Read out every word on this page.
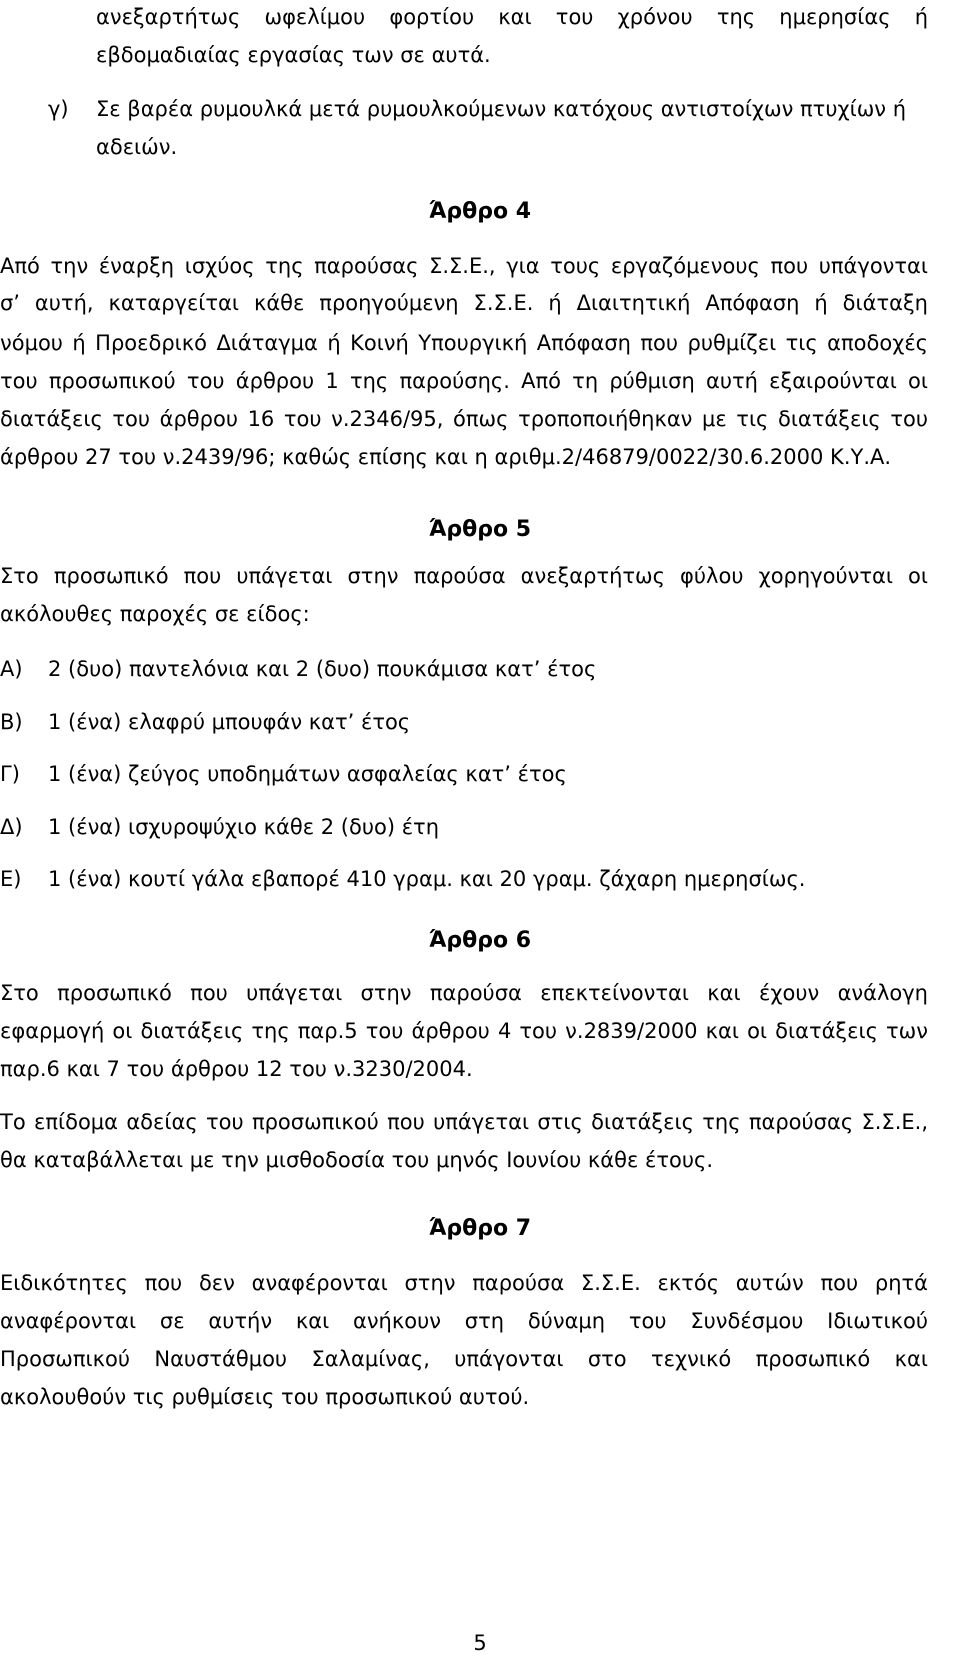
ανεξαρτήτως ωφελίμου φορτίου και του χρόνου της ημερησίας ή
εβδομαδιαίας εργασίας των σε αυτά.
γ) Σε βαρέα ρυμουλκά μετά ρυμουλκούμενων κατόχους αντιστοίχων πτυχίων ή
αδειών.
Άρθρο 4
Από την έναρξη ισχύος της παρούσας Σ.Σ.Ε., για τους εργαζόμενους που υπάγονται
σ’ αυτή, καταργείται κάθε προηγούμενη Σ.Σ.Ε. ή Διαιτητική Απόφαση ή διάταξη
νόμου ή Προεδρικό Διάταγμα ή Κοινή Υπουργική Απόφαση που ρυθμίζει τις αποδοχές
του προσωπικού του άρθρου 1 της παρούσης. Από τη ρύθμιση αυτή εξαιρούνται οι
διατάξεις του άρθρου 16 του ν.2346/95, όπως τροποποιήθηκαν με τις διατάξεις του
άρθρου 27 του ν.2439/96; καθώς επίσης και η αριθμ.2/46879/0022/30.6.2000 Κ.Υ.Α.
Άρθρο 5
Στο προσωπικό που υπάγεται στην παρούσα ανεξαρτήτως φύλου χορηγούνται οι
ακόλουθες παροχές σε είδος:
Α) 2 (δυο) παντελόνια και 2 (δυο) πουκάμισα κατ’ έτος
Β) 1 (ένα) ελαφρύ μπουφάν κατ’ έτος
Γ) 1 (ένα) ζεύγος υποδημάτων ασφαλείας κατ’ έτος
Δ) 1 (ένα) ισχυροψύχιο κάθε 2 (δυο) έτη
Ε) 1 (ένα) κουτί γάλα εβαπορέ 410 γραμ. και 20 γραμ. ζάχαρη ημερησίως.
Άρθρο 6
Στο προσωπικό που υπάγεται στην παρούσα επεκτείνονται και έχουν ανάλογη
εφαρμογή οι διατάξεις της παρ.5 του άρθρου 4 του ν.2839/2000 και οι διατάξεις των
παρ.6 και 7 του άρθρου 12 του ν.3230/2004.
Το επίδομα αδείας του προσωπικού που υπάγεται στις διατάξεις της παρούσας Σ.Σ.Ε.,
θα καταβάλλεται με την μισθοδοσία του μηνός Ιουνίου κάθε έτους.
Άρθρο 7
Ειδικότητες που δεν αναφέρονται στην παρούσα Σ.Σ.Ε. εκτός αυτών που ρητά
αναφέρονται σε αυτήν και ανήκουν στη δύναμη του Συνδέσμου Ιδιωτικού
Προσωπικού Ναυστάθμου Σαλαμίνας, υπάγονται στο τεχνικό προσωπικό και
ακολουθούν τις ρυθμίσεις του προσωπικού αυτού.
5
